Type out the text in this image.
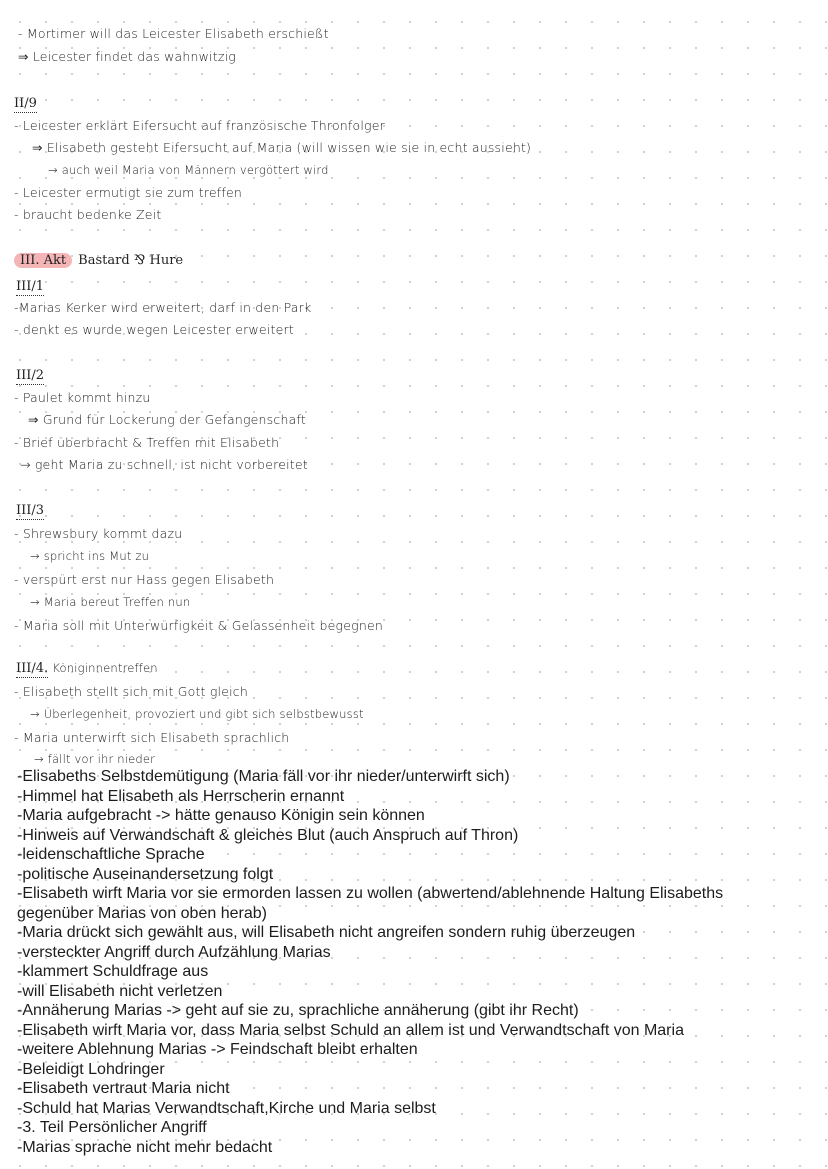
- Mortimer will das Leicester Elisabeth erschießt
⇒ Leicester findet das wahnwitzig
II/9
- Leicester erklärt Eifersucht auf französische Thronfolger
⇒ Elisabeth gesteht Eifersucht auf Maria (will wissen wie sie in echt aussieht)
→ auch weil Maria von Männern vergöttert wird
- Leicester ermutigt sie zum treffen
- braucht bedenke Zeit
III. Akt Bastard ⅋ Hure
III/1
-Marias Kerker wird erweitert, darf in den Park
- denkt es wurde wegen Leicester erweitert
III/2
- Paulet kommt hinzu
⇒ Grund für Lockerung der Gefangenschaft
- Brief überbracht & Treffen mit Elisabeth
→ geht Maria zu schnell, ist nicht vorbereitet
III/3
- Shrewsbury kommt dazu
→ spricht ins Mut zu
- verspürt erst nur Hass gegen Elisabeth
→ Maria bereut Treffen nun
- Maria soll mit Unterwürfigkeit & Gelassenheit begegnen
III/4. Königinnentreffen
- Elisabeth stellt sich mit Gott gleich
→ Überlegenheit, provoziert und gibt sich selbstbewusst
- Maria unterwirft sich Elisabeth sprachlich
→ fällt vor ihr nieder
-Elisabeths Selbstdemütigung (Maria fäll vor ihr nieder/unterwirft sich)
-Himmel hat Elisabeth als Herrscherin ernannt
-Maria aufgebracht -> hätte genauso Königin sein können
-Hinweis auf Verwandschaft & gleiches Blut (auch Anspruch auf Thron)
-leidenschaftliche Sprache
-politische Auseinandersetzung folgt
-Elisabeth wirft Maria vor sie ermorden lassen zu wollen (abwertend/ablehnende Haltung Elisabeths
gegenüber Marias von oben herab)
-Maria drückt sich gewählt aus, will Elisabeth nicht angreifen sondern ruhig überzeugen
-versteckter Angriff durch Aufzählung Marias
-klammert Schuldfrage aus
-will Elisabeth nicht verletzen
-Annäherung Marias -> geht auf sie zu, sprachliche annäherung (gibt ihr Recht)
-Elisabeth wirft Maria vor, dass Maria selbst Schuld an allem ist und Verwandtschaft von Maria
-weitere Ablehnung Marias -> Feindschaft bleibt erhalten
-Beleidigt Lohdringer
-Elisabeth vertraut Maria nicht
-Schuld hat Marias Verwandtschaft,Kirche und Maria selbst
-3. Teil Persönlicher Angriff
-Marias sprache nicht mehr bedacht
